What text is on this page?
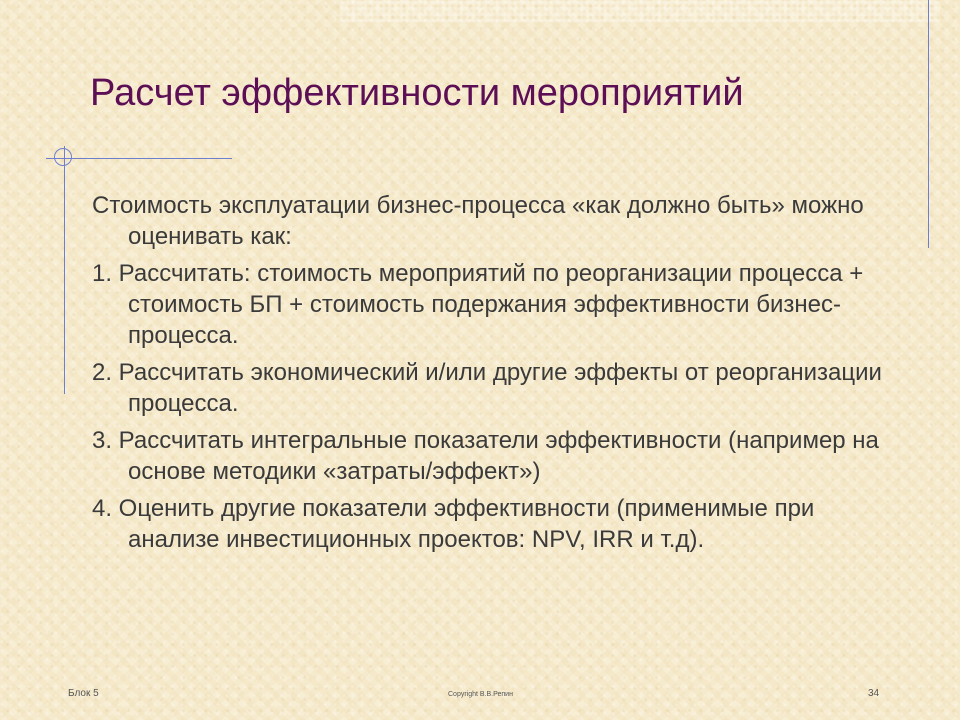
Расчет эффективности мероприятий

Стоимость эксплуатации бизнес-процесса «как должно быть» можно оценивать как:

1. Рассчитать: стоимость мероприятий по реорганизации процесса + стоимость БП + стоимость подержания эффективности бизнес-процесса.

2. Рассчитать экономический и/или другие эффекты от реорганизации процесса.

3. Рассчитать интегральные показатели эффективности (например на основе методики «затраты/эффект»)

4. Оценить другие показатели эффективности (применимые при анализе инвестиционных проектов: NPV, IRR и т.д).

Блок 5	Copyright В.В.Репин	34
